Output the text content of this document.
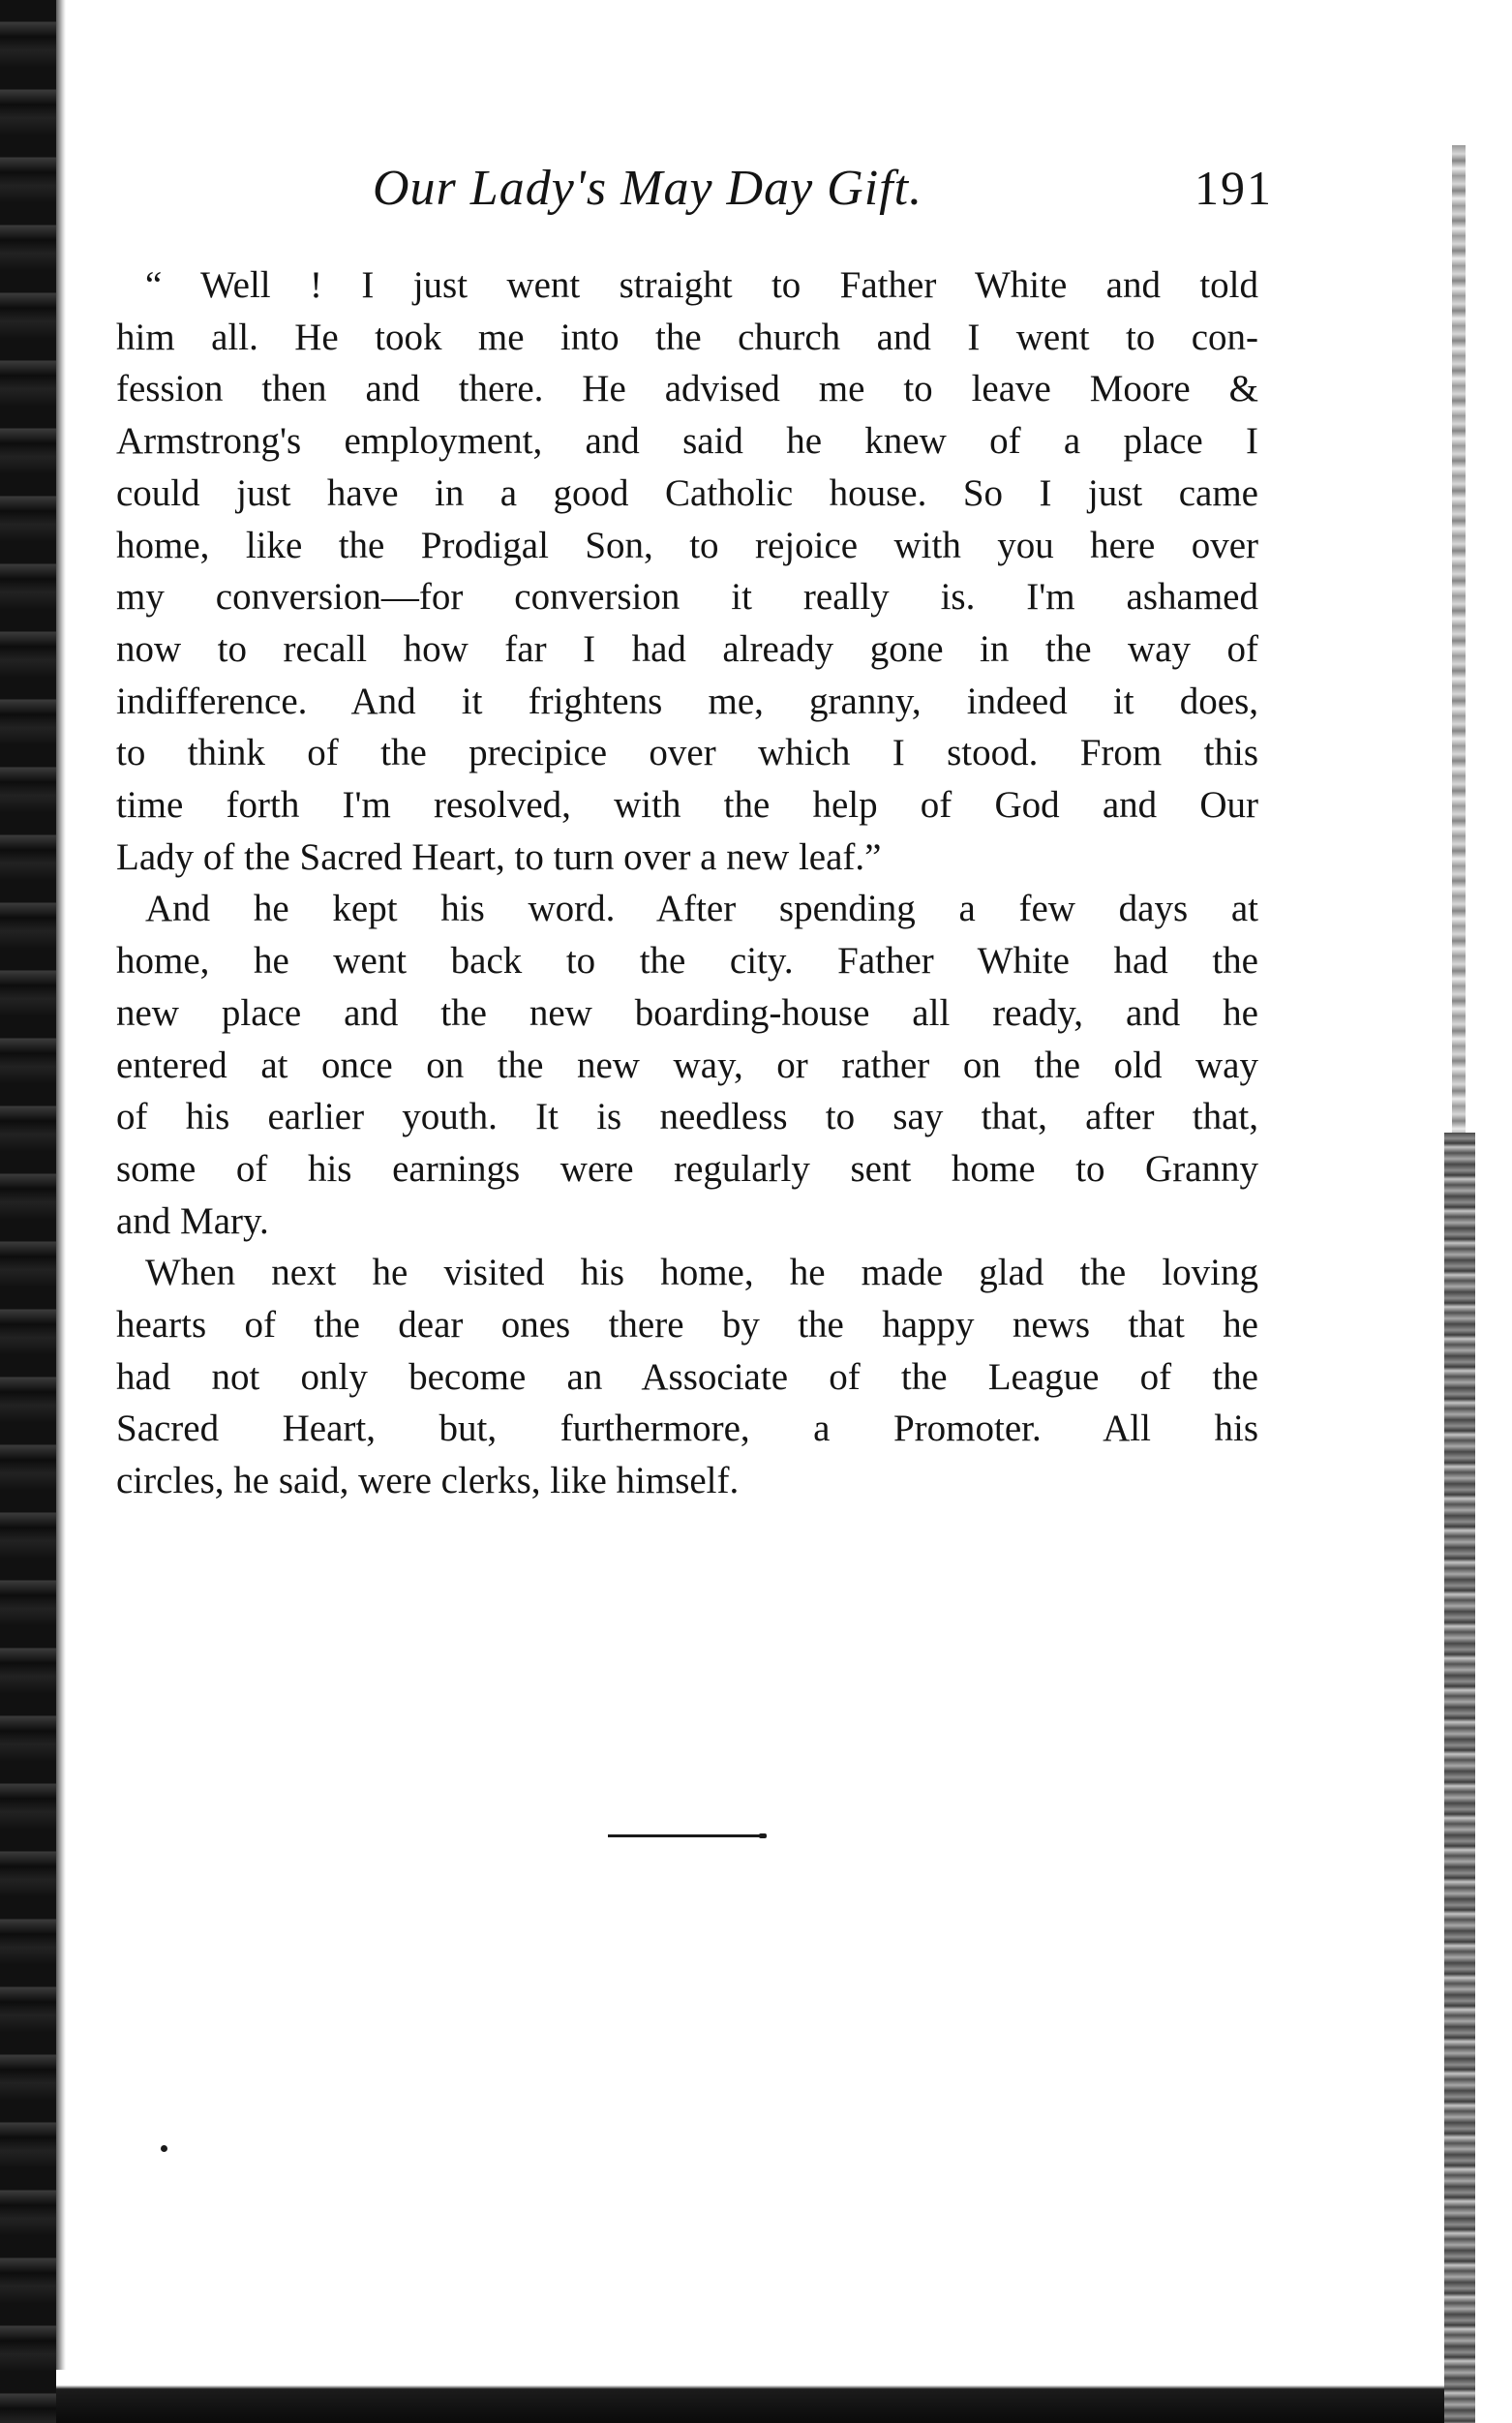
Our Lady's May Day Gift.	191

“ Well ! I just went straight to Father White and told
him all. He took me into the church and I went to con-
fession then and there. He advised me to leave Moore &
Armstrong's employment, and said he knew of a place I
could just have in a good Catholic house. So I just came
home, like the Prodigal Son, to rejoice with you here over
my conversion—for conversion it really is. I'm ashamed
now to recall how far I had already gone in the way of
indifference. And it frightens me, granny, indeed it does,
to think of the precipice over which I stood. From this
time forth I'm resolved, with the help of God and Our
Lady of the Sacred Heart, to turn over a new leaf.”

And he kept his word. After spending a few days at
home, he went back to the city. Father White had the
new place and the new boarding-house all ready, and he
entered at once on the new way, or rather on the old way
of his earlier youth. It is needless to say that, after that,
some of his earnings were regularly sent home to Granny
and Mary.

When next he visited his home, he made glad the loving
hearts of the dear ones there by the happy news that he
had not only become an Associate of the League of the
Sacred Heart, but, furthermore, a Promoter. All his
circles, he said, were clerks, like himself.
